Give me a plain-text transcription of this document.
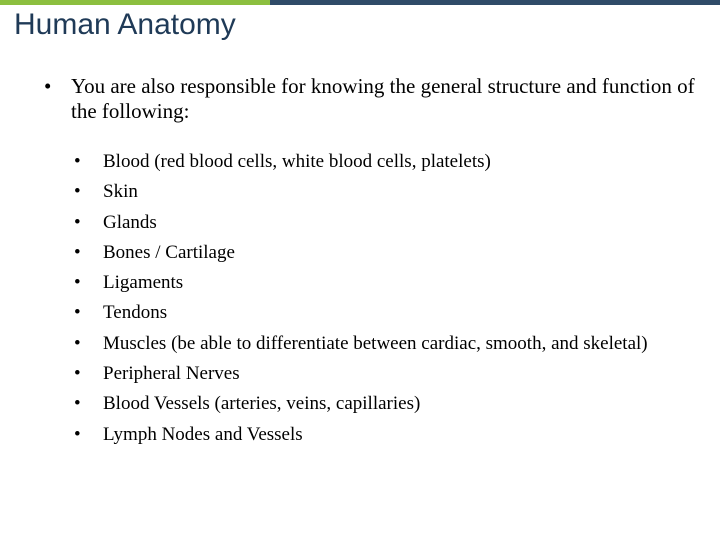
Human Anatomy
• You are also responsible for knowing the general structure and function of the following:
•	Blood (red blood cells, white blood cells, platelets)
•	Skin
•	Glands
•	Bones / Cartilage
•	Ligaments
•	Tendons
•	Muscles (be able to differentiate between cardiac, smooth, and skeletal)
•	Peripheral Nerves
•	Blood Vessels (arteries, veins, capillaries)
•	Lymph Nodes and Vessels
